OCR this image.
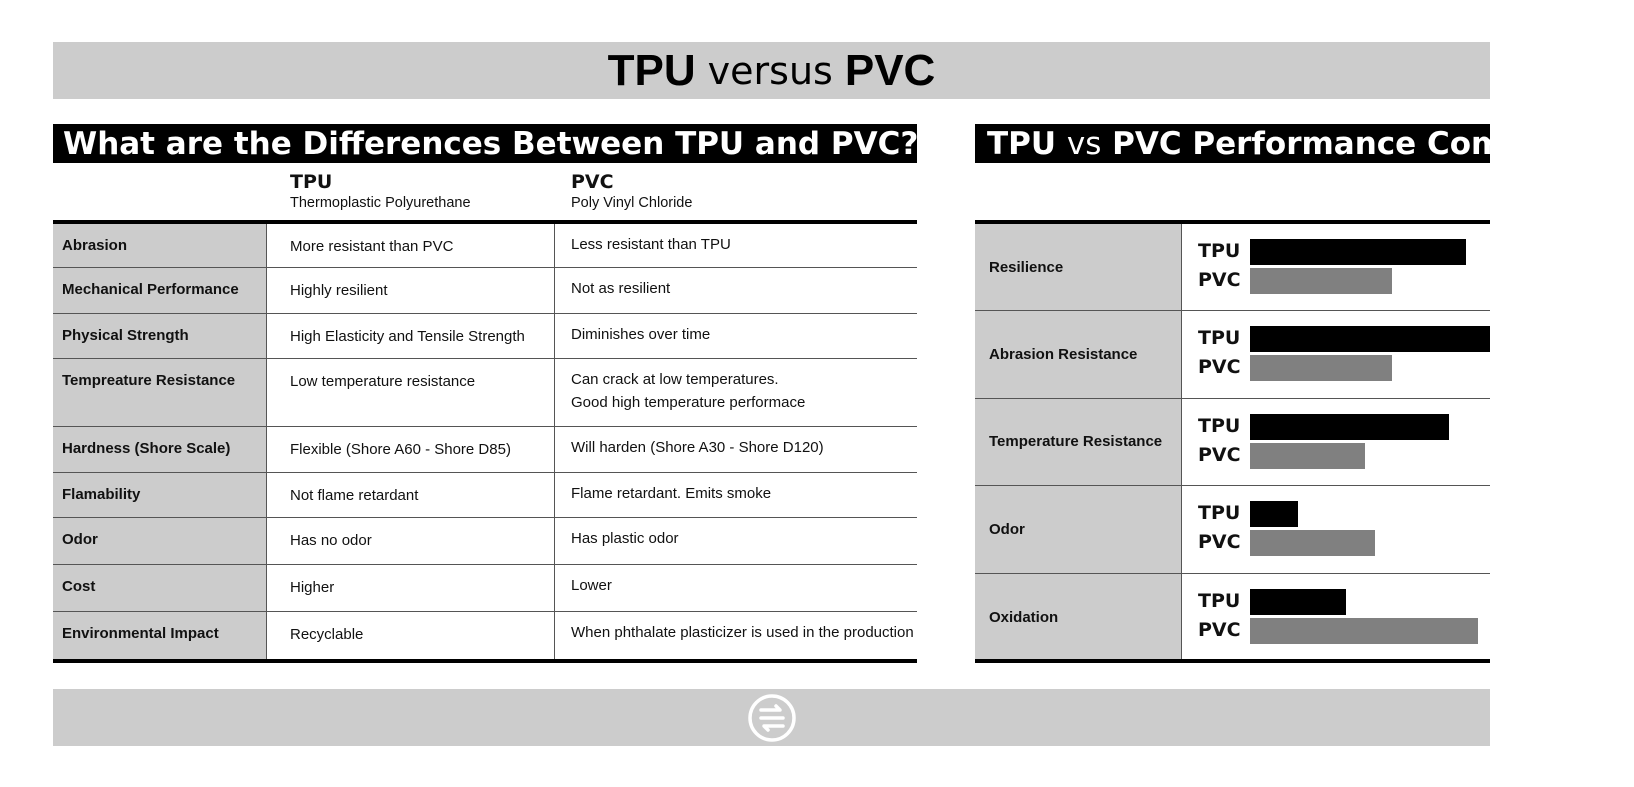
TPU versus PVC
What are the Differences Between TPU and PVC? TPU
vs
PVC Performance Comparison
TPU
Thermoplastic Polyurethane
PVC
Poly Vinyl Chloride
Abrasion	More resistant than PVC	Less resistant than TPU
Mechanical Performance	Highly resilient	Not as resilient
Physical Strength	High Elasticity and Tensile Strength	Diminishes over time
Tempreature Resistance	Low temperature resistance	Can crack at low temperatures.
Good high temperature performace
Hardness (Shore Scale)	Flexible (Shore A60 - Shore D85)	Will harden (Shore A30 - Shore D120)
Flamability	Not flame retardant	Flame retardant. Emits smoke
Odor	Has no odor	Has plastic odor
Cost	Higher	Lower
Environmental Impact	Recyclable	When phthalate plasticizer is used in the production
Resilience
TPU
PVC
Abrasion Resistance
TPU
PVC
Temperature Resistance
TPU
PVC
Odor
TPU
PVC
Oxidation
TPU
PVC
